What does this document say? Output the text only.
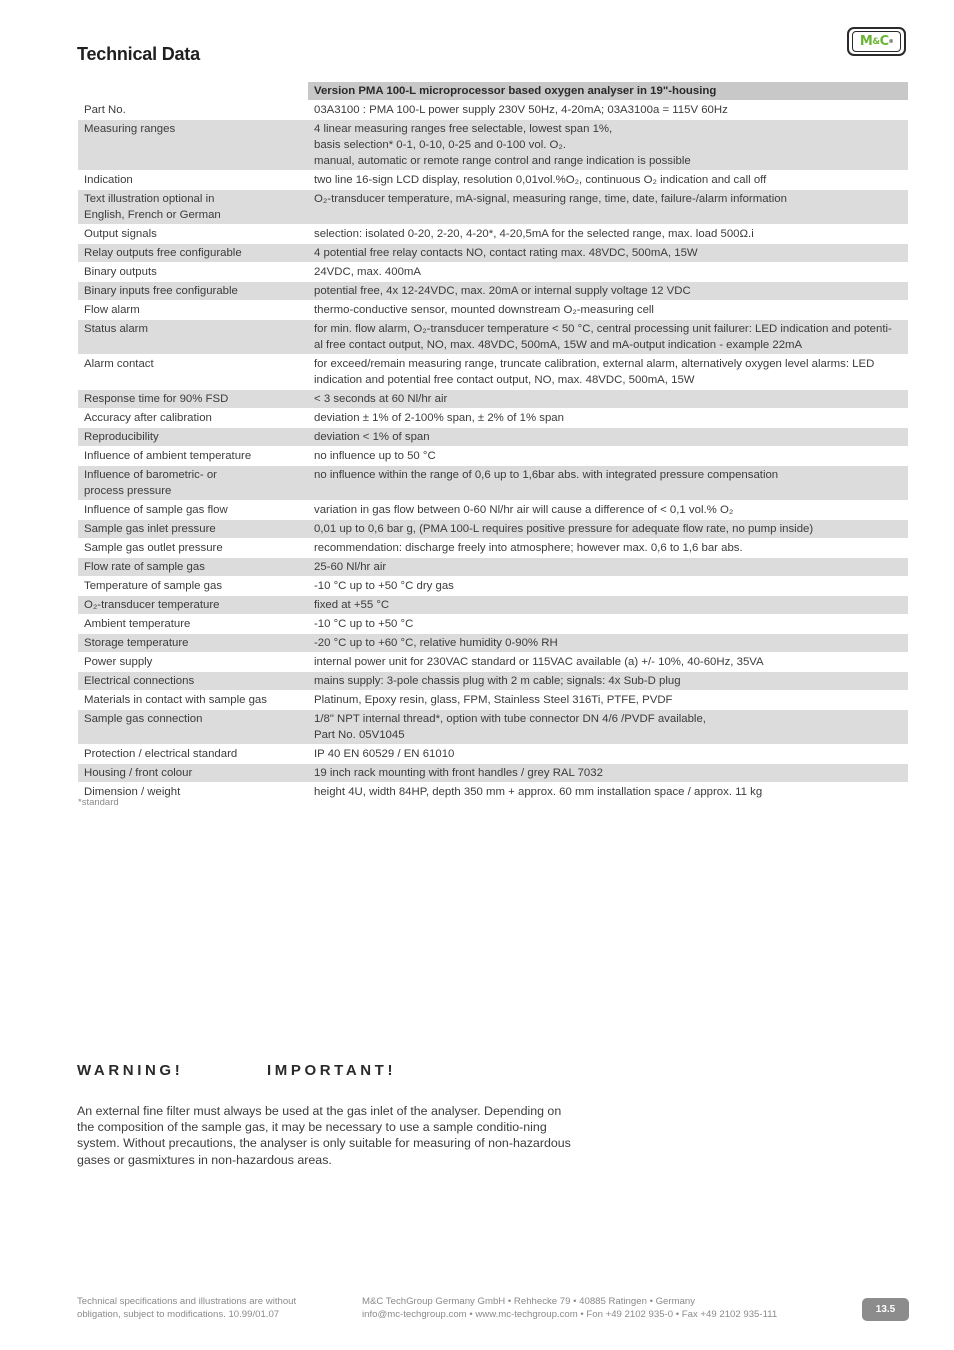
Technical Data
M & C ®
	Version PMA 100-L microprocessor based oxygen analyser in 19"-housing

Part No.	03A3100 : PMA 100-L power supply 230V 50Hz, 4-20mA; 03A3100a = 115V 60Hz

Measuring ranges	4 linear measuring ranges free selectable, lowest span 1%,
basis selection* 0-1, 0-10, 0-25 and 0-100 vol. O₂.
manual, automatic or remote range control and range indication is possible

Indication	two line 16-sign LCD display, resolution 0,01vol.%O₂, continuous O₂ indication and call off

Text illustration optional in
English, French or German	O₂-transducer temperature, mA-signal, measuring range, time, date, failure-/alarm information

Output signals	selection: isolated 0-20, 2-20, 4-20*, 4-20,5mA for the selected range, max. load 500Ω.i

Relay outputs free configurable	4 potential free relay contacts NO, contact rating max. 48VDC, 500mA, 15W

Binary outputs	24VDC, max. 400mA

Binary inputs free configurable	potential free, 4x 12-24VDC, max. 20mA or internal supply voltage 12 VDC

Flow alarm	thermo-conductive sensor, mounted downstream O₂-measuring cell

Status alarm	for min. flow alarm, O₂-transducer temperature < 50 °C, central processing unit failurer: LED indication and potenti-
al free contact output, NO, max. 48VDC, 500mA, 15W and mA-output indication - example 22mA

Alarm contact	for exceed/remain measuring range, truncate calibration, external alarm, alternatively oxygen level alarms: LED
indication and potential free contact output, NO, max. 48VDC, 500mA, 15W

Response time for 90% FSD	< 3 seconds at 60 Nl/hr air

Accuracy after calibration	deviation ± 1% of 2-100% span, ± 2% of 1% span

Reproducibility	deviation < 1% of span

Influence of ambient temperature	no influence up to 50 °C

Influence of barometric- or
process pressure	no influence within the range of 0,6 up to 1,6bar abs. with integrated pressure compensation

Influence of sample gas flow	variation in gas flow between 0-60 Nl/hr air will cause a difference of < 0,1 vol.% O₂

Sample gas inlet pressure	0,01 up to 0,6 bar g, (PMA 100-L requires positive pressure for adequate flow rate, no pump inside)

Sample gas outlet pressure	recommendation: discharge freely into atmosphere; however max. 0,6 to 1,6 bar abs.

Flow rate of sample gas	25-60 Nl/hr air

Temperature of sample gas	-10 °C up to +50 °C dry gas

O₂-transducer temperature	fixed at +55 °C

Ambient temperature	-10 °C up to +50 °C

Storage temperature	-20 °C up to +60 °C, relative humidity 0-90% RH

Power supply	internal power unit for 230VAC standard or 115VAC available (a) +/- 10%, 40-60Hz, 35VA

Electrical connections	mains supply: 3-pole chassis plug with 2 m cable; signals: 4x Sub-D plug

Materials in contact with sample gas	Platinum, Epoxy resin, glass, FPM, Stainless Steel 316Ti, PTFE, PVDF

Sample gas connection	1/8" NPT internal thread*, option with tube connector DN 4/6 /PVDF available,
Part No. 05V1045

Protection / electrical standard	IP 40 EN 60529 / EN 61010

Housing / front colour	19 inch rack mounting with front handles / grey RAL 7032

Dimension / weight	height 4U, width 84HP, depth 350 mm + approx. 60 mm installation space / approx. 11 kg
*standard
WARNING!	IMPORTANT!
An external fine filter must always be used at the gas inlet of the analyser. Depending on the composition of the sample gas, it may be necessary to use a sample conditio-ning system. Without precautions, the analyser is only suitable for measuring of non-hazardous gases or gasmixtures in non-hazardous areas.
Technical specifications and illustrations are without
obligation, subject to modifications. 10.99/01.07
M&C TechGroup Germany GmbH • Rehhecke 79 • 40885 Ratingen • Germany
info@mc-techgroup.com • www.mc-techgroup.com • Fon +49 2102 935-0 • Fax +49 2102 935-111	13.5
